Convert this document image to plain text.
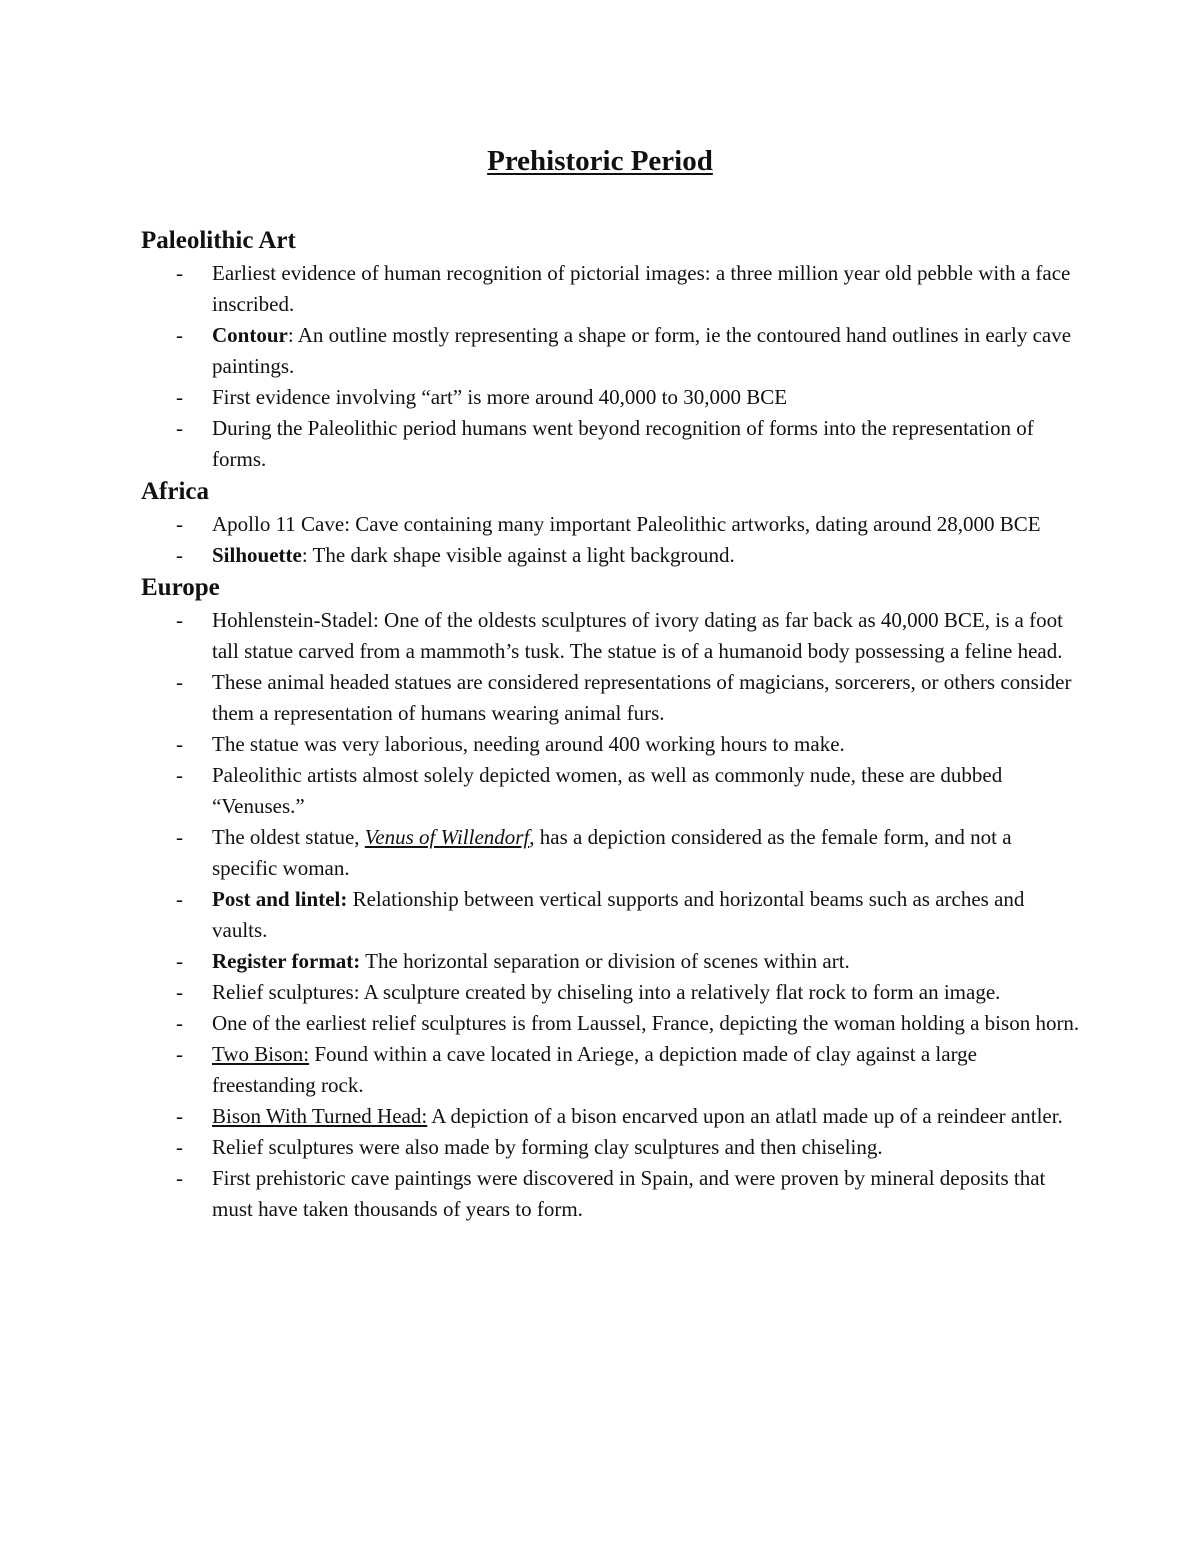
Prehistoric Period
Paleolithic Art
- Earliest evidence of human recognition of pictorial images: a three million year old pebble with a face inscribed.
- Contour: An outline mostly representing a shape or form, ie the contoured hand outlines in early cave paintings.
- First evidence involving “art” is more around 40,000 to 30,000 BCE
- During the Paleolithic period humans went beyond recognition of forms into the representation of forms.
Africa
- Apollo 11 Cave: Cave containing many important Paleolithic artworks, dating around 28,000 BCE
- Silhouette: The dark shape visible against a light background.
Europe
- Hohlenstein-Stadel: One of the oldests sculptures of ivory dating as far back as 40,000 BCE, is a foot tall statue carved from a mammoth’s tusk. The statue is of a humanoid body possessing a feline head.
- These animal headed statues are considered representations of magicians, sorcerers, or others consider them a representation of humans wearing animal furs.
- The statue was very laborious, needing around 400 working hours to make.
- Paleolithic artists almost solely depicted women, as well as commonly nude, these are dubbed “Venuses.”
- The oldest statue, Venus of Willendorf, has a depiction considered as the female form, and not a specific woman.
- Post and lintel: Relationship between vertical supports and horizontal beams such as arches and vaults.
- Register format: The horizontal separation or division of scenes within art.
- Relief sculptures: A sculpture created by chiseling into a relatively flat rock to form an image.
- One of the earliest relief sculptures is from Laussel, France, depicting the woman holding a bison horn.
- Two Bison: Found within a cave located in Ariege, a depiction made of clay against a large freestanding rock.
- Bison With Turned Head: A depiction of a bison encarved upon an atlatl made up of a reindeer antler.
- Relief sculptures were also made by forming clay sculptures and then chiseling.
- First prehistoric cave paintings were discovered in Spain, and were proven by mineral deposits that must have taken thousands of years to form.
